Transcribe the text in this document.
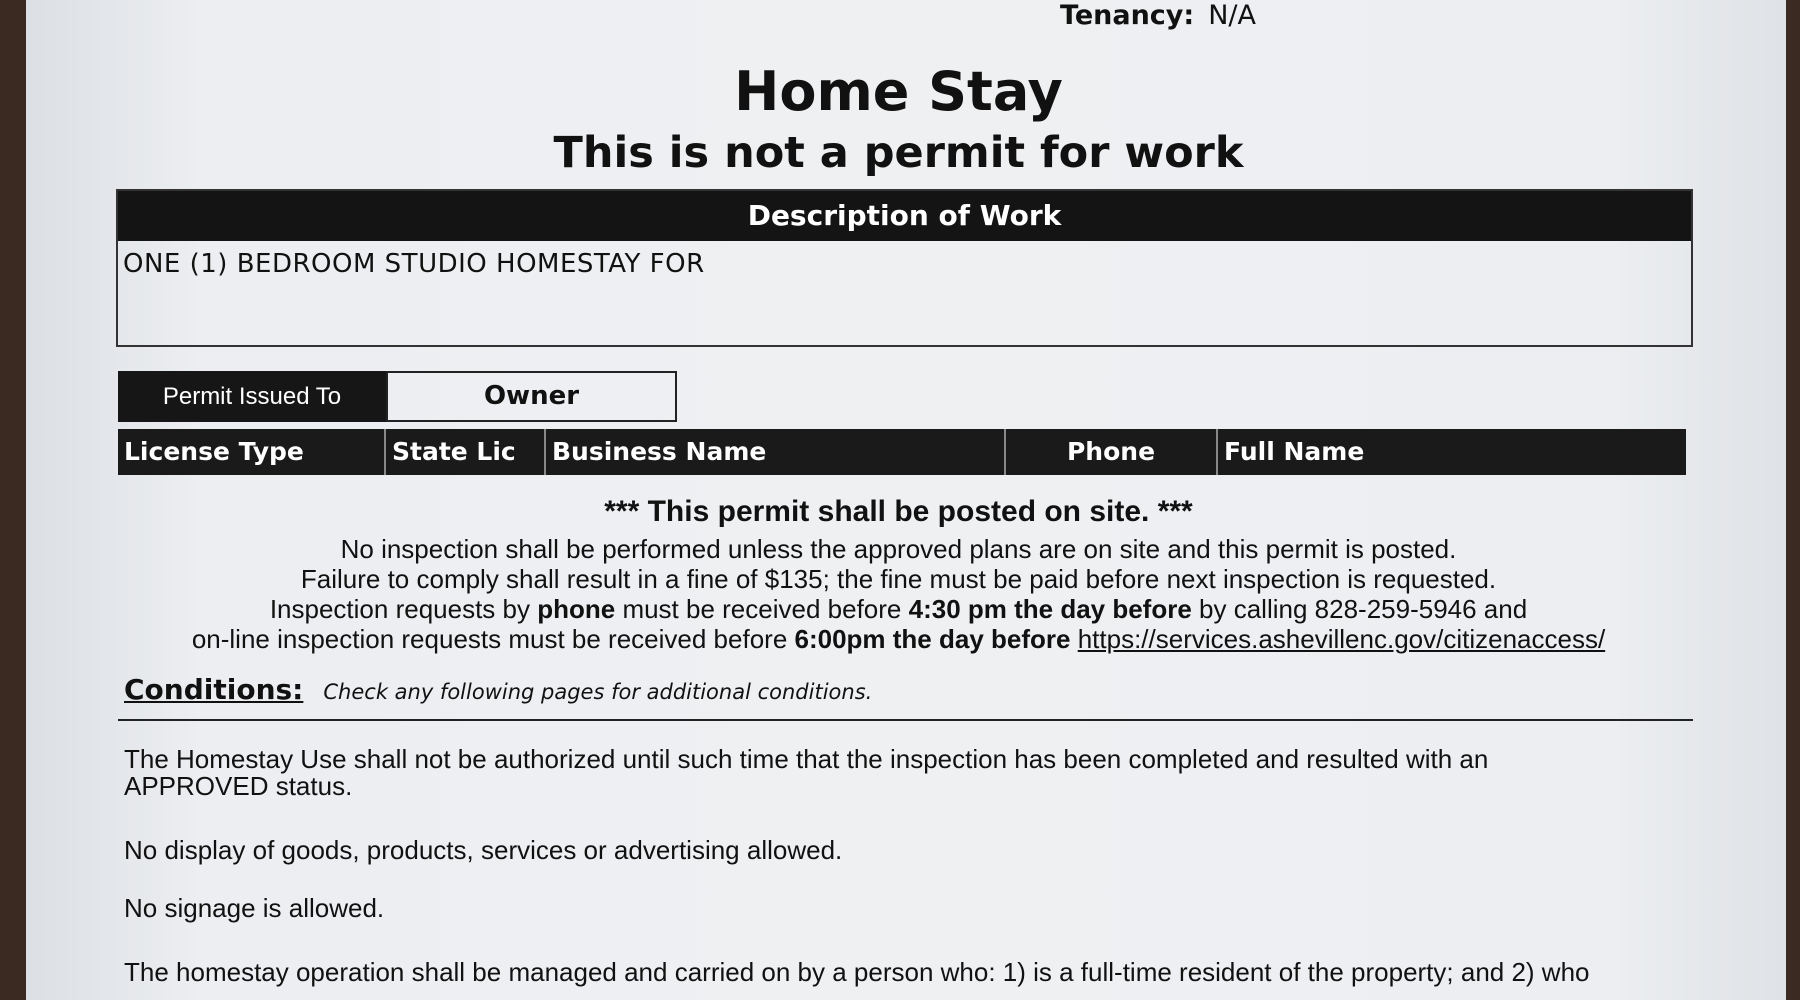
Tenancy: N/A
Home Stay
This is not a permit for work
Description of Work
ONE (1) BEDROOM STUDIO HOMESTAY FOR
Permit Issued To	Owner
License Type	State Lic	Business Name	Phone	Full Name
*** This permit shall be posted on site. ***
No inspection shall be performed unless the approved plans are on site and this permit is posted.
Failure to comply shall result in a fine of $135; the fine must be paid before next inspection is requested.
Inspection requests by phone must be received before 4:30 pm the day before by calling 828-259-5946 and
on-line inspection requests must be received before 6:00pm the day before https://services.ashevillenc.gov/citizenaccess/
Conditions: Check any following pages for additional conditions.
The Homestay Use shall not be authorized until such time that the inspection has been completed and resulted with an APPROVED status.
No display of goods, products, services or advertising allowed.
No signage is allowed.
The homestay operation shall be managed and carried on by a person who: 1) is a full-time resident of the property; and 2) who
